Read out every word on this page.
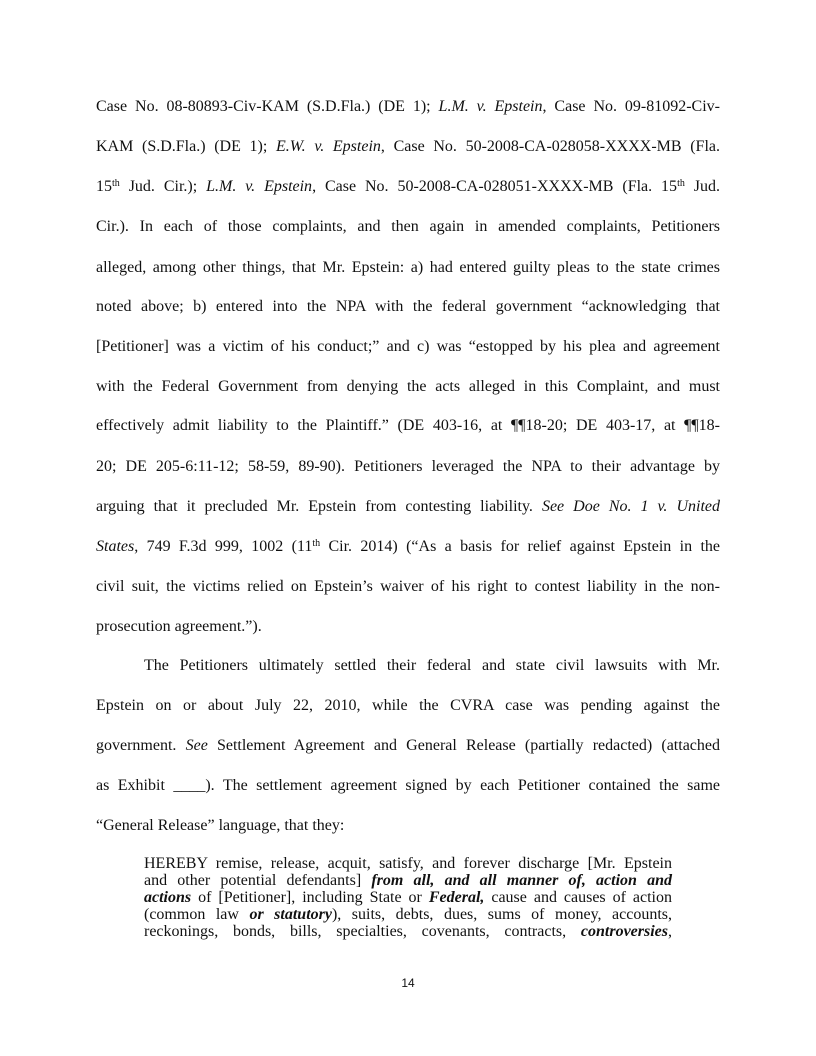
Case No. 08-80893-Civ-KAM (S.D.Fla.) (DE 1); L.M. v. Epstein, Case No. 09-81092-Civ-
KAM (S.D.Fla.) (DE 1); E.W. v. Epstein, Case No. 50-2008-CA-028058-XXXX-MB (Fla.
15th Jud. Cir.); L.M. v. Epstein, Case No. 50-2008-CA-028051-XXXX-MB (Fla. 15th Jud.
Cir.). In each of those complaints, and then again in amended complaints, Petitioners
alleged, among other things, that Mr. Epstein: a) had entered guilty pleas to the state crimes
noted above; b) entered into the NPA with the federal government “acknowledging that
[Petitioner] was a victim of his conduct;” and c) was “estopped by his plea and agreement
with the Federal Government from denying the acts alleged in this Complaint, and must
effectively admit liability to the Plaintiff.” (DE 403-16, at ¶¶18-20; DE 403-17, at ¶¶18-
20; DE 205-6:11-12; 58-59, 89-90). Petitioners leveraged the NPA to their advantage by
arguing that it precluded Mr. Epstein from contesting liability. See Doe No. 1 v. United
States, 749 F.3d 999, 1002 (11th Cir. 2014) (“As a basis for relief against Epstein in the
civil suit, the victims relied on Epstein’s waiver of his right to contest liability in the non-
prosecution agreement.”).
The Petitioners ultimately settled their federal and state civil lawsuits with Mr.
Epstein on or about July 22, 2010, while the CVRA case was pending against the
government. See Settlement Agreement and General Release (partially redacted) (attached
as Exhibit ____). The settlement agreement signed by each Petitioner contained the same
“General Release” language, that they:
HEREBY remise, release, acquit, satisfy, and forever discharge [Mr. Epstein
and other potential defendants] from all, and all manner of, action and
actions of [Petitioner], including State or Federal, cause and causes of action
(common law or statutory), suits, debts, dues, sums of money, accounts,
reckonings, bonds, bills, specialties, covenants, contracts, controversies,
14
